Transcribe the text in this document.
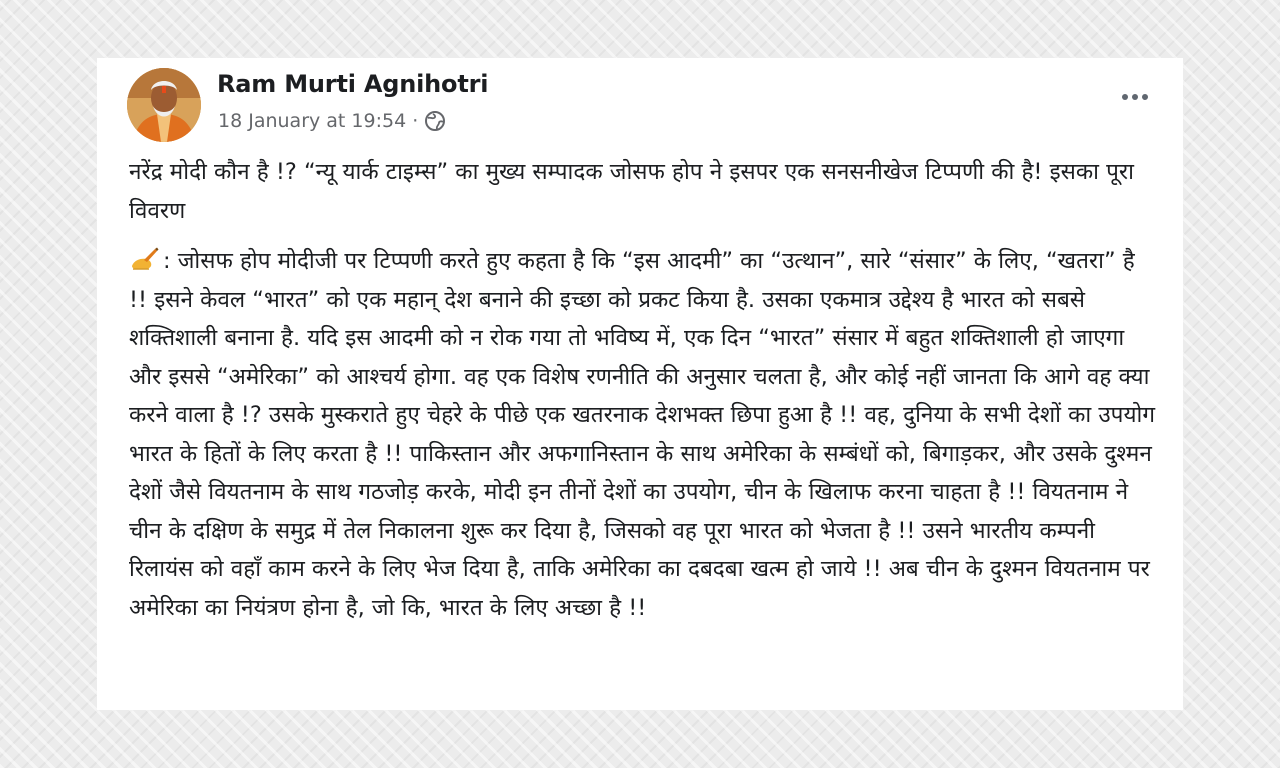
Ram Murti Agnihotri
18 January at 19:54 ·

नरेंद्र मोदी कौन है !? “न्यू यार्क टाइम्स” का मुख्य सम्पादक जोसफ होप ने इसपर एक सनसनीखेज टिप्पणी की है! इसका पूरा विवरण

: जोसफ होप मोदीजी पर टिप्पणी करते हुए कहता है कि “इस आदमी” का “उत्थान”, सारे “संसार” के लिए, “खतरा” है !! इसने केवल “भारत” को एक महान् देश बनाने की इच्छा को प्रकट किया है. उसका एकमात्र उद्देश्य है भारत को सबसे शक्तिशाली बनाना है. यदि इस आदमी को न रोक गया तो भविष्य में, एक दिन “भारत” संसार में बहुत शक्तिशाली हो जाएगा और इससे “अमेरिका” को आश्चर्य होगा. वह एक विशेष रणनीति की अनुसार चलता है, और कोई नहीं जानता कि आगे वह क्या करने वाला है !? उसके मुस्कराते हुए चेहरे के पीछे एक खतरनाक देशभक्त छिपा हुआ है !! वह, दुनिया के सभी देशों का उपयोग भारत के हितों के लिए करता है !! पाकिस्तान और अफगानिस्तान के साथ अमेरिका के सम्बंधों को, बिगाड़कर, और उसके दुश्मन देशों जैसे वियतनाम के साथ गठजोड़ करके, मोदी इन तीनों देशों का उपयोग, चीन के खिलाफ करना चाहता है !! वियतनाम ने चीन के दक्षिण के समुद्र में तेल निकालना शुरू कर दिया है, जिसको वह पूरा भारत को भेजता है !! उसने भारतीय कम्पनी रिलायंस को वहाँ काम करने के लिए भेज दिया है, ताकि अमेरिका का दबदबा खत्म हो जाये !! अब चीन के दुश्मन वियतनाम पर अमेरिका का नियंत्रण होना है, जो कि, भारत के लिए अच्छा है !!
